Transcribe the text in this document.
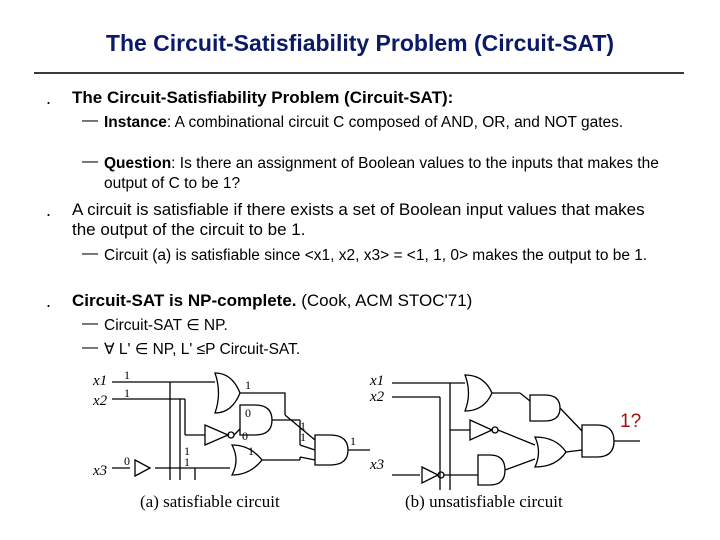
The Circuit-Satisfiability Problem (Circuit-SAT)
. The Circuit-Satisfiability Problem (Circuit-SAT):
— Instance: A combinational circuit C composed of AND, OR, and NOT gates.
— Question: Is there an assignment of Boolean values to the inputs that makes the output of C to be 1?
. A circuit is satisfiable if there exists a set of Boolean input values that makes the output of the circuit to be 1.
— Circuit (a) is satisfiable since <x1, x2, x3> = <1, 1, 0> makes the output to be 1.
. Circuit-SAT is NP-complete. (Cook, ACM STOC'71)
— Circuit-SAT ∈ NP.
— ∀ L' ∈ NP, L' ≤P Circuit-SAT.
x1
x2
x3
x1
x2
x3
1
1
0
1
0
0
1
1
1	1
1
1
1?
(a) satisfiable circuit	(b) unsatisfiable circuit
